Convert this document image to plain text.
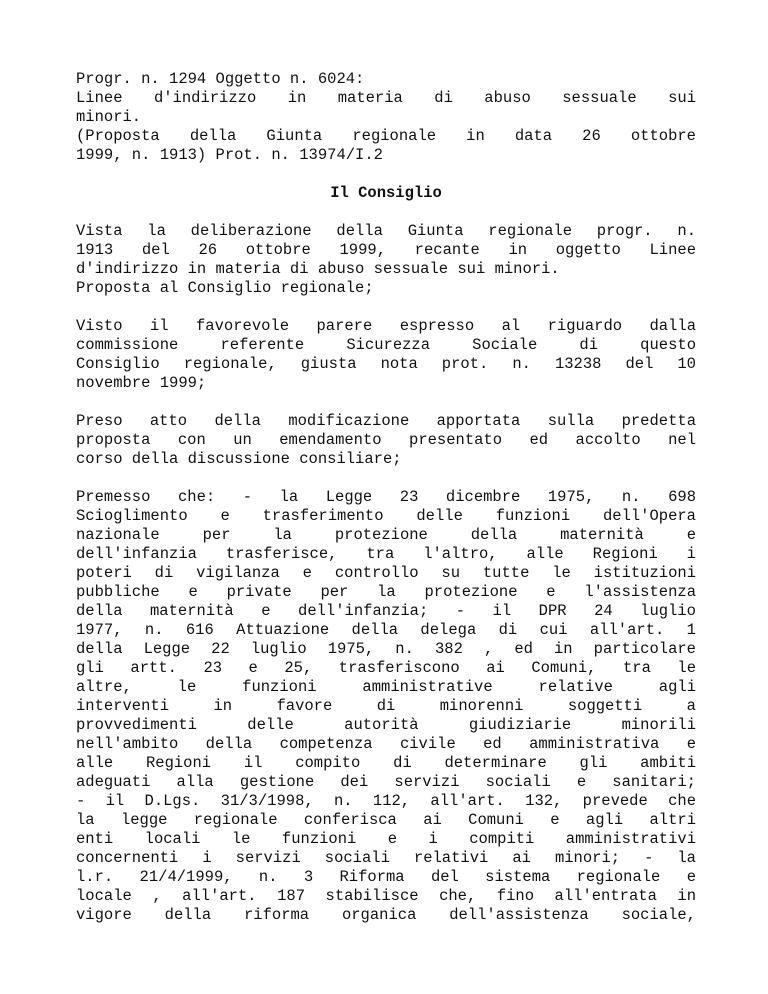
Progr. n. 1294 Oggetto n. 6024:
Linee d'indirizzo in materia di abuso sessuale sui
minori.
(Proposta della Giunta regionale in data 26 ottobre
1999, n. 1913) Prot. n. 13974/I.2
Il Consiglio
Vista la deliberazione della Giunta regionale progr. n.
1913 del 26 ottobre 1999, recante in oggetto Linee
d'indirizzo in materia di abuso sessuale sui minori.
Proposta al Consiglio regionale;
Visto il favorevole parere espresso al riguardo dalla
commissione referente Sicurezza Sociale di questo
Consiglio regionale, giusta nota prot. n. 13238 del 10
novembre 1999;
Preso atto della modificazione apportata sulla predetta
proposta con un emendamento presentato ed accolto nel
corso della discussione consiliare;
Premesso che: - la Legge 23 dicembre 1975, n. 698
Scioglimento e trasferimento delle funzioni dell'Opera
nazionale per la protezione della maternità e
dell'infanzia trasferisce, tra l'altro, alle Regioni i
poteri di vigilanza e controllo su tutte le istituzioni
pubbliche e private per la protezione e l'assistenza
della maternità e dell'infanzia; - il DPR 24 luglio
1977, n. 616 Attuazione della delega di cui all'art. 1
della Legge 22 luglio 1975, n. 382 , ed in particolare
gli artt. 23 e 25, trasferiscono ai Comuni, tra le
altre, le funzioni amministrative relative agli
interventi in favore di minorenni soggetti a
provvedimenti delle autorità giudiziarie minorili
nell'ambito della competenza civile ed amministrativa e
alle Regioni il compito di determinare gli ambiti
adeguati alla gestione dei servizi sociali e sanitari;
- il D.Lgs. 31/3/1998, n. 112, all'art. 132, prevede che
la legge regionale conferisca ai Comuni e agli altri
enti locali le funzioni e i compiti amministrativi
concernenti i servizi sociali relativi ai minori; - la
l.r. 21/4/1999, n. 3 Riforma del sistema regionale e
locale , all'art. 187 stabilisce che, fino all'entrata in
vigore della riforma organica dell'assistenza sociale,
